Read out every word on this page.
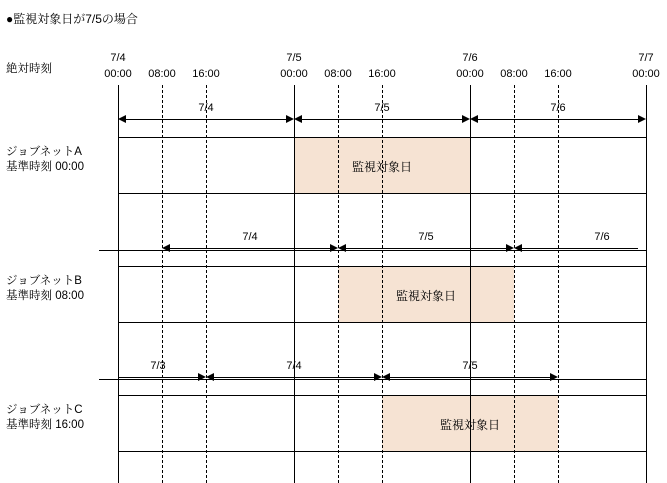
●監視対象日が7/5の場合
絶対時刻
7/4	7/5	7/6	7/7
00:00	08:00	16:00	00:00	08:00	16:00	00:00	08:00	16:00	00:00
ジョブネットA
基準時刻 00:00
7/4	7/5	7/6
監視対象日
ジョブネットB
基準時刻 08:00
7/4	7/5	7/6
監視対象日
ジョブネットC
基準時刻 16:00
7/3	7/4	7/5
監視対象日
